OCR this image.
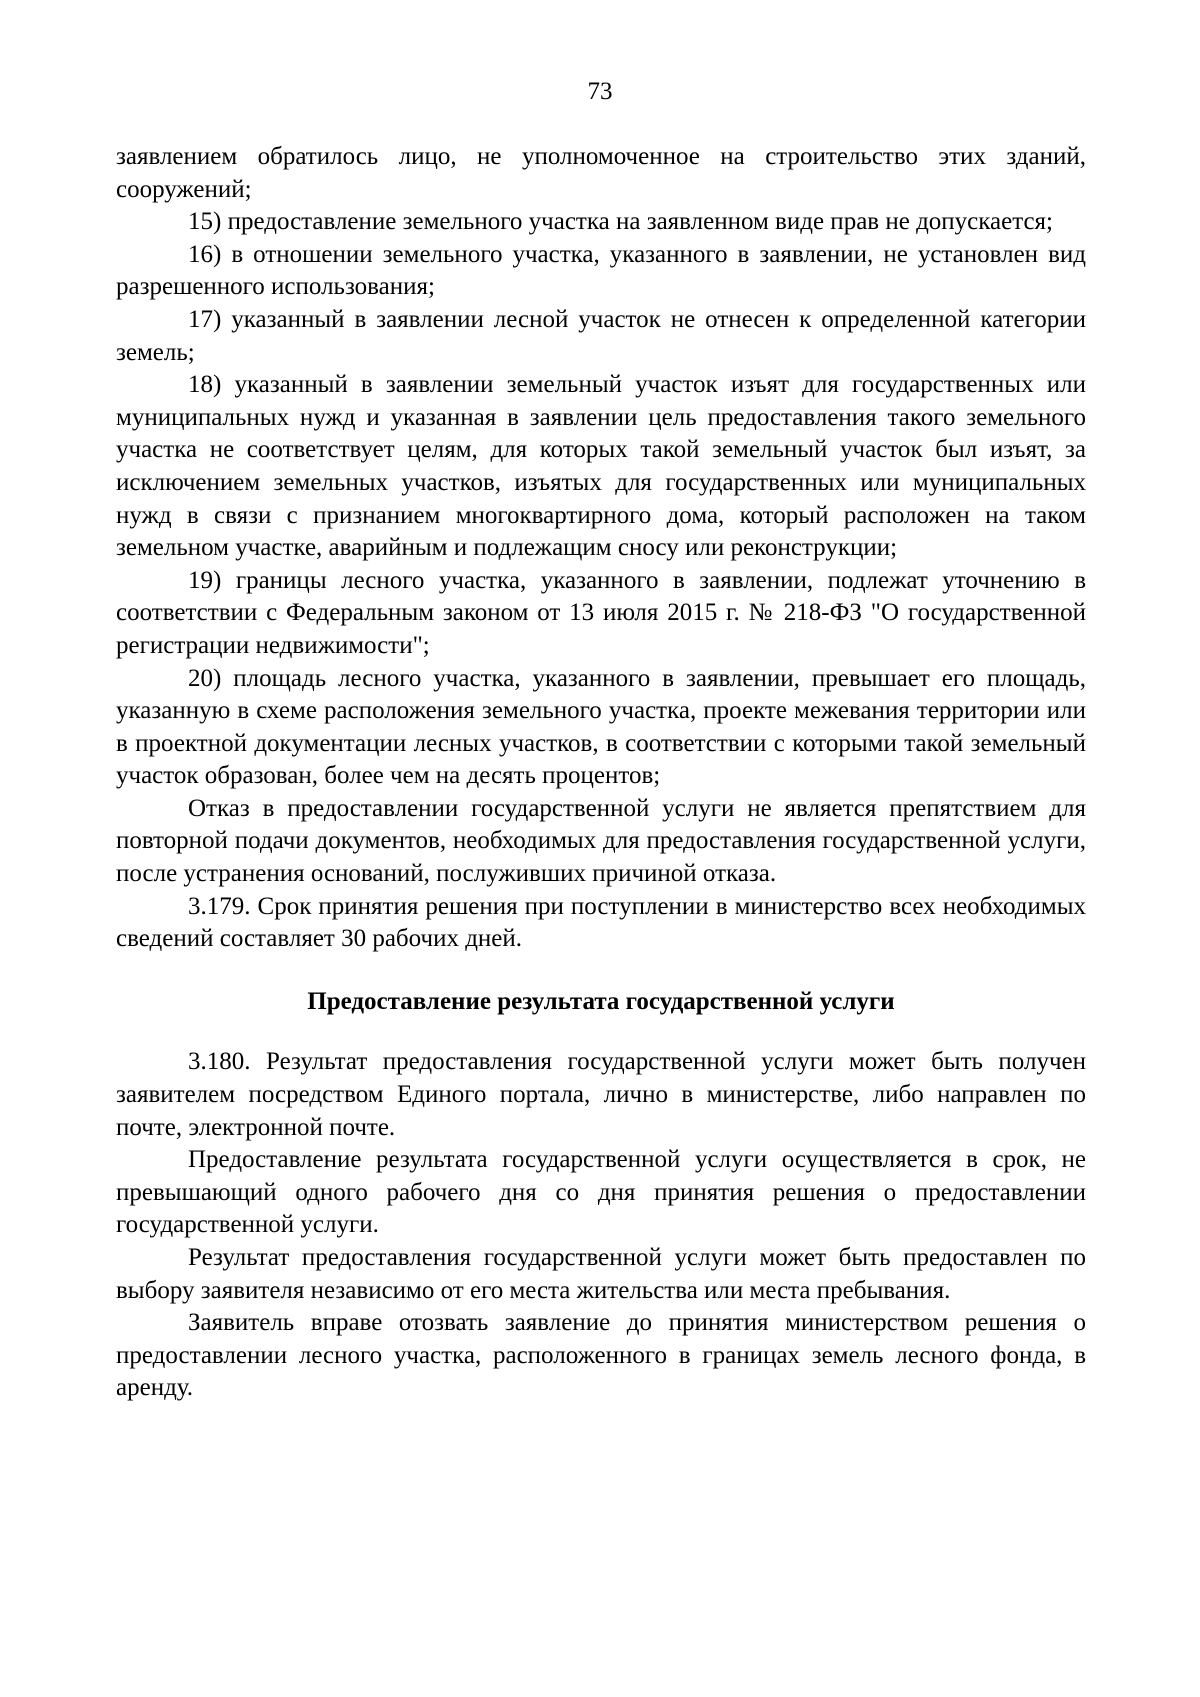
73

заявлением обратилось лицо, не уполномоченное на строительство этих зданий, сооружений;

15) предоставление земельного участка на заявленном виде прав не допускается;

16) в отношении земельного участка, указанного в заявлении, не установлен вид разрешенного использования;

17) указанный в заявлении лесной участок не отнесен к определенной категории земель;

18) указанный в заявлении земельный участок изъят для государственных или муниципальных нужд и указанная в заявлении цель предоставления такого земельного участка не соответствует целям, для которых такой земельный участок был изъят, за исключением земельных участков, изъятых для государственных или муниципальных нужд в связи с признанием многоквартирного дома, который расположен на таком земельном участке, аварийным и подлежащим сносу или реконструкции;

19) границы лесного участка, указанного в заявлении, подлежат уточнению в соответствии с Федеральным законом от 13 июля 2015 г. № 218-ФЗ "О государственной регистрации недвижимости";

20) площадь лесного участка, указанного в заявлении, превышает его площадь, указанную в схеме расположения земельного участка, проекте межевания территории или в проектной документации лесных участков, в соответствии с которыми такой земельный участок образован, более чем на десять процентов;

Отказ в предоставлении государственной услуги не является препятствием для повторной подачи документов, необходимых для предоставления государственной услуги, после устранения оснований, послуживших причиной отказа.

3.179. Срок принятия решения при поступлении в министерство всех необходимых сведений составляет 30 рабочих дней.

Предоставление результата государственной услуги

3.180. Результат предоставления государственной услуги может быть получен заявителем посредством Единого портала, лично в министерстве, либо направлен по почте, электронной почте.

Предоставление результата государственной услуги осуществляется в срок, не превышающий одного рабочего дня со дня принятия решения о предоставлении государственной услуги.

Результат предоставления государственной услуги может быть предоставлен по выбору заявителя независимо от его места жительства или места пребывания.

Заявитель вправе отозвать заявление до принятия министерством решения о предоставлении лесного участка, расположенного в границах земель лесного фонда, в аренду.
